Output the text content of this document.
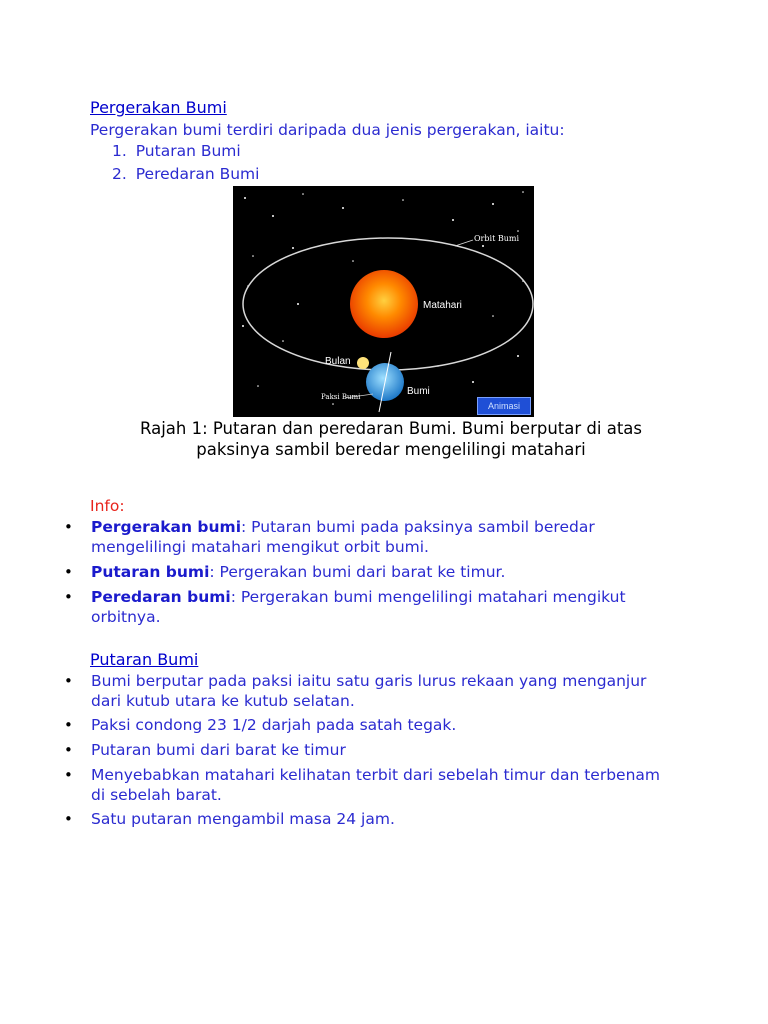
Pergerakan Bumi
Pergerakan bumi terdiri daripada dua jenis pergerakan, iaitu:
1. Putaran Bumi
2. Peredaran Bumi
Orbit Bumi
Matahari
Bulan
Bumi
Paksi Bumi
Animasi
Rajah 1: Putaran dan peredaran Bumi. Bumi berputar di atas
paksinya sambil beredar mengelilingi matahari
Info:
• Pergerakan bumi: Putaran bumi pada paksinya sambil beredar mengelilingi matahari mengikut orbit bumi.
• Putaran bumi: Pergerakan bumi dari barat ke timur.
• Peredaran bumi: Pergerakan bumi mengelilingi matahari mengikut orbitnya.
Putaran Bumi
• Bumi berputar pada paksi iaitu satu garis lurus rekaan yang menganjur dari kutub utara ke kutub selatan.
• Paksi condong 23 1/2 darjah pada satah tegak.
• Putaran bumi dari barat ke timur
• Menyebabkan matahari kelihatan terbit dari sebelah timur dan terbenam di sebelah barat.
• Satu putaran mengambil masa 24 jam.
